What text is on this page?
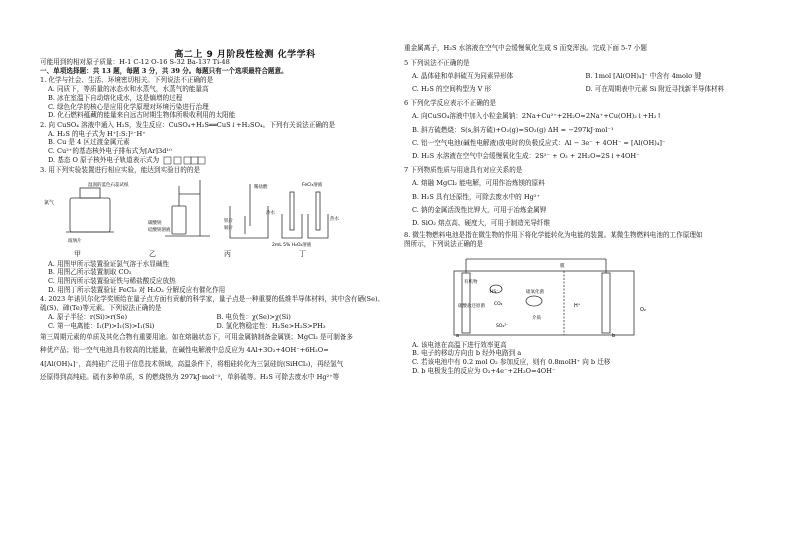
高二上 9 月阶段性检测 化学学科
可能用到的相对原子质量：H-1 C-12 O-16 S-32 Ba-137 Ti-48
一、单项选择题：共 13 题，每题 3 分，共 39 分。每题只有一个选项最符合题意。
1. 化学与社会、生活、环境密切相关。下列说法不正确的是
A. 同质下，等质量的冰态水和水蒸气，水蒸气的能量高
B. 冰在室温下自动熔化成水，这是熵增的过程
C. 绿色化学的核心是应用化学原理对环境污染进行治理
D. 化石燃料蕴藏的能量来自远古时期生物体所吸收利用的太阳能
2. 向 CuSO₄ 溶液中通入 H₂S，发生反应：CuSO₄+H₂S══CuS↓+H₂SO₄。下列有关说法正确的是
A. H₂S 的电子式为 H⁺[:S:]²⁻H⁺
B. Cu 是 4 区过渡金属元素
C. Cu²⁺的基态核外电子排布式为[Ar]3d¹⁰
D. 基态 O 原子核外电子轨道表示式为
3. 用下列实验装置进行相应实验，能达到实验目的的是
氯气
湿润的蓝色石蕊试纸
玻璃片
碳酸钠
硅酸钠溶液
稀盐酸
铁片
铜片
FeCl₃溶液
热水
冷水
2mL 5% H₂O₂溶液
甲	乙	丙	丁
A. 用图甲所示装置验证氯气溶于水显碱性
B. 用图乙所示装置制取 CO₂
C. 用图丙所示装置验证铁与稀盐酸反应放热
D. 用图丁所示装置验证 FeCl₃ 对 H₂O₂ 分解反应有催化作用
4. 2023 年诺贝尔化学奖颁给在量子点方面有贡献的科学家，量子点是一种重要的低维半导体材料，其中含有硒(Se)、硫(S)、碲(Te)等元素。下列说法正确的是
A. 原子半径：r(Si)>r(Se)	B. 电负性：χ(Se)>χ(Si)
C. 第一电离能：I₁(P)>I₁(S)>I₁(Si)	D. 氢化物稳定性：H₂Se>H₂S>PH₃
第三周期元素的单质及其化合物有重要用途。如在熔融状态下，可用金属钠制备金属镁；MgCl₂ 是可制备多
种优产品；铝一空气电池具有较高的比能量，在碱性电解液中总反应为 4Al+3O₂+4OH⁻+6H₂O=
4[Al(OH)₄]⁻，高纯硅广泛用于信息技术领域，高温条件下，将粗硅转化为三氯硅烷(SiHCl₃)，再经氢气
还原得到高纯硅。硫有多种单质，S 的燃烧热为 297kJ·mol⁻¹，单斜硫等。H₂S 可除去废水中 Hg²⁺等
重金属离子，H₂S 水溶液在空气中会缓慢氧化生成 S 而变浑浊。完成下面 5-7 小题
5 下列说法不正确的是
A. 晶体硅和单斜硫互为同素异形体	B. 1mol [Al(OH)₄]⁻ 中含有 4molσ 键
C. H₂S 的空间构型为 V 形	D. 可在周期表中元素 Si 附近寻找新半导体材料
6 下列化学反应表示不正确的是
A. 向CuSO₄溶液中加入小粒金属钠：2Na+Cu²⁺+2H₂O=2Na⁺+Cu(OH)₂↓+H₂↑
B. 斜方硫燃烧：S(s,斜方硫)+O₂(g)=SO₂(g) ΔH = −297kJ·mol⁻¹
C. 铝一空气电池(碱性电解液)放电时的负极反应式：Al − 3e⁻ + 4OH⁻ = [Al(OH)₄]⁻
D. H₂S 水溶液在空气中会缓慢氧化生成：2S²⁻ + O₂ + 2H₂O=2S↓+4OH⁻
7 下列物质性质与用途具有对应关系的是
A. 熔融 MgCl₂ 能电解，可用作冶炼镁的原料
B. H₂S 具有还原性，可除去废水中的 Hg²⁺
C. 钠的金属活泼性比钾大，可用于冶炼金属钾
D. SiO₂ 熔点高、硬度大，可用于制造光导纤维
8. 微生物燃料电池是指在微生物的作用下将化学能转化为电能的装置。某微生物燃料电池的工作原理如
图所示，下列说法正确的是
有机物
硫酸盐还原菌
HS⁻
CO₂
SO₄²⁻
硫氧化菌
膜
介质
H⁺
O₂
a	b
A. 该电池在高温下进行效率更高
B. 电子的移动方向由 b 经外电路到 a
C. 若该电池中有 0.2 mol O₂ 参加反应，则有 0.8molH⁺ 向 b 迁移
D. b 电极发生的反应为 O₂+4e⁻+2H₂O=4OH⁻
